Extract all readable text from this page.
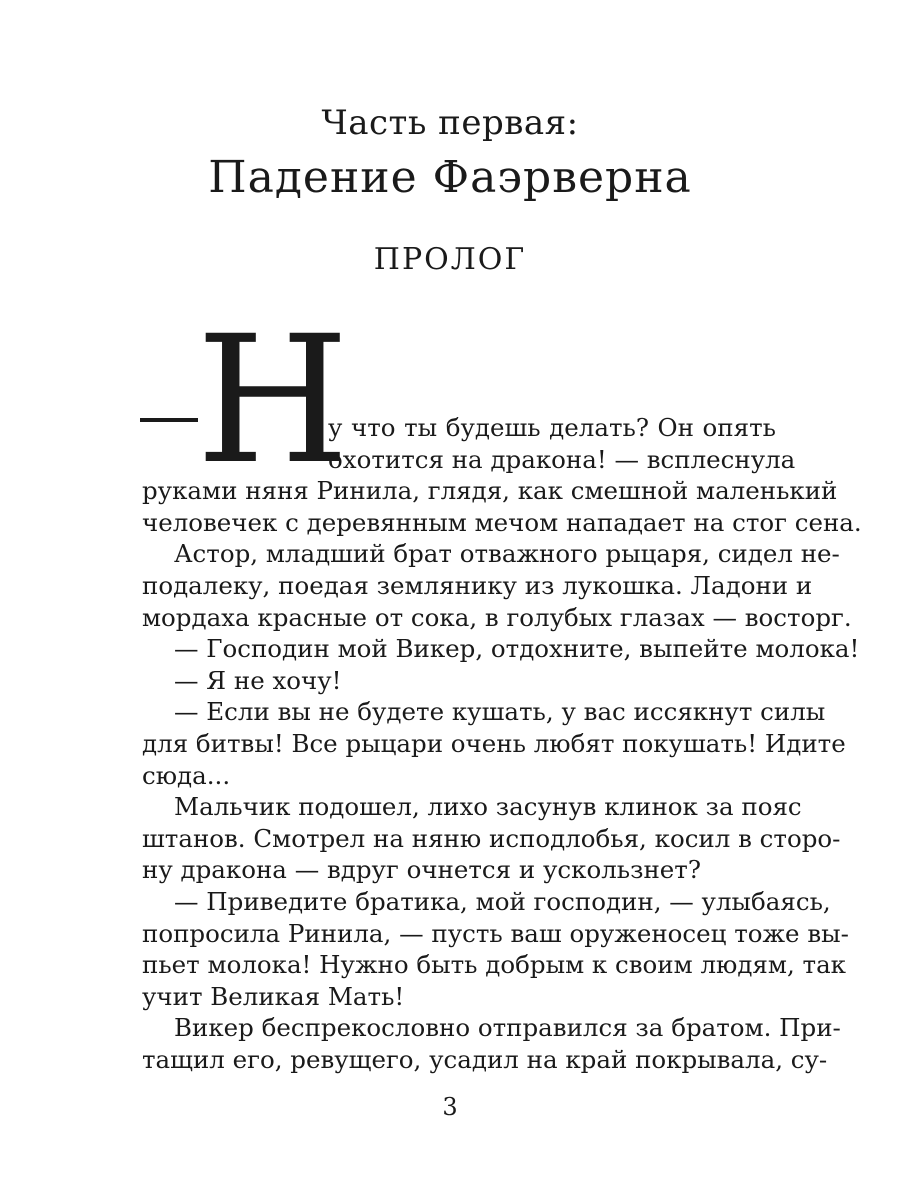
Часть первая:
Падение Фаэрверна
ПРОЛОГ
Н
у что ты будешь делать? Он опять
охотится на дракона! — всплеснула
руками няня Ринила, глядя, как смешной маленький
человечек с деревянным мечом нападает на стог сена.
Астор, младший брат отважного рыцаря, сидел не-
подалеку, поедая землянику из лукошка. Ладони и
мордаха красные от сока, в голубых глазах — восторг.
— Господин мой Викер, отдохните, выпейте молока!
— Я не хочу!
— Если вы не будете кушать, у вас иссякнут силы
для битвы! Все рыцари очень любят покушать! Идите
сюда...
Мальчик подошел, лихо засунув клинок за пояс
штанов. Смотрел на няню исподлобья, косил в сторо-
ну дракона — вдруг очнется и ускользнет?
— Приведите братика, мой господин, — улыбаясь,
попросила Ринила, — пусть ваш оруженосец тоже вы-
пьет молока! Нужно быть добрым к своим людям, так
учит Великая Мать!
Викер беспрекословно отправился за братом. При-
тащил его, ревущего, усадил на край покрывала, су-
3
